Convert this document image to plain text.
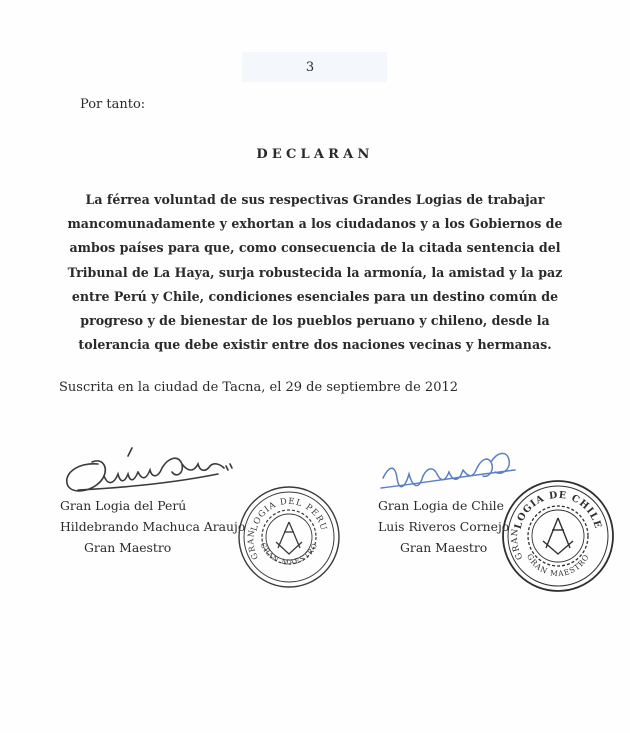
3
Por tanto:
DECLARAN
La férrea voluntad de sus respectivas Grandes Logias de trabajar
mancomunadamente y exhortan a los ciudadanos y a los Gobiernos de
ambos países para que, como consecuencia de la citada sentencia del
Tribunal de La Haya, surja robustecida la armonía, la amistad y la paz
entre Perú y Chile, condiciones esenciales para un destino común de
progreso y de bienestar de los pueblos peruano y chileno, desde la
tolerancia que debe existir entre dos naciones vecinas y hermanas.
Suscrita en la ciudad de Tacna, el 29 de septiembre de 2012
Gran Logia del Perú
Hildebrando Machuca Araujo
Gran Maestro
Gran Logia de Chile
Luis Riveros Cornejo
Gran Maestro
LOGIA DEL PERU
GRAN MAESTRO
GRAN
LOGIA DE CHILE
GRAN MAESTRO
GRAN
